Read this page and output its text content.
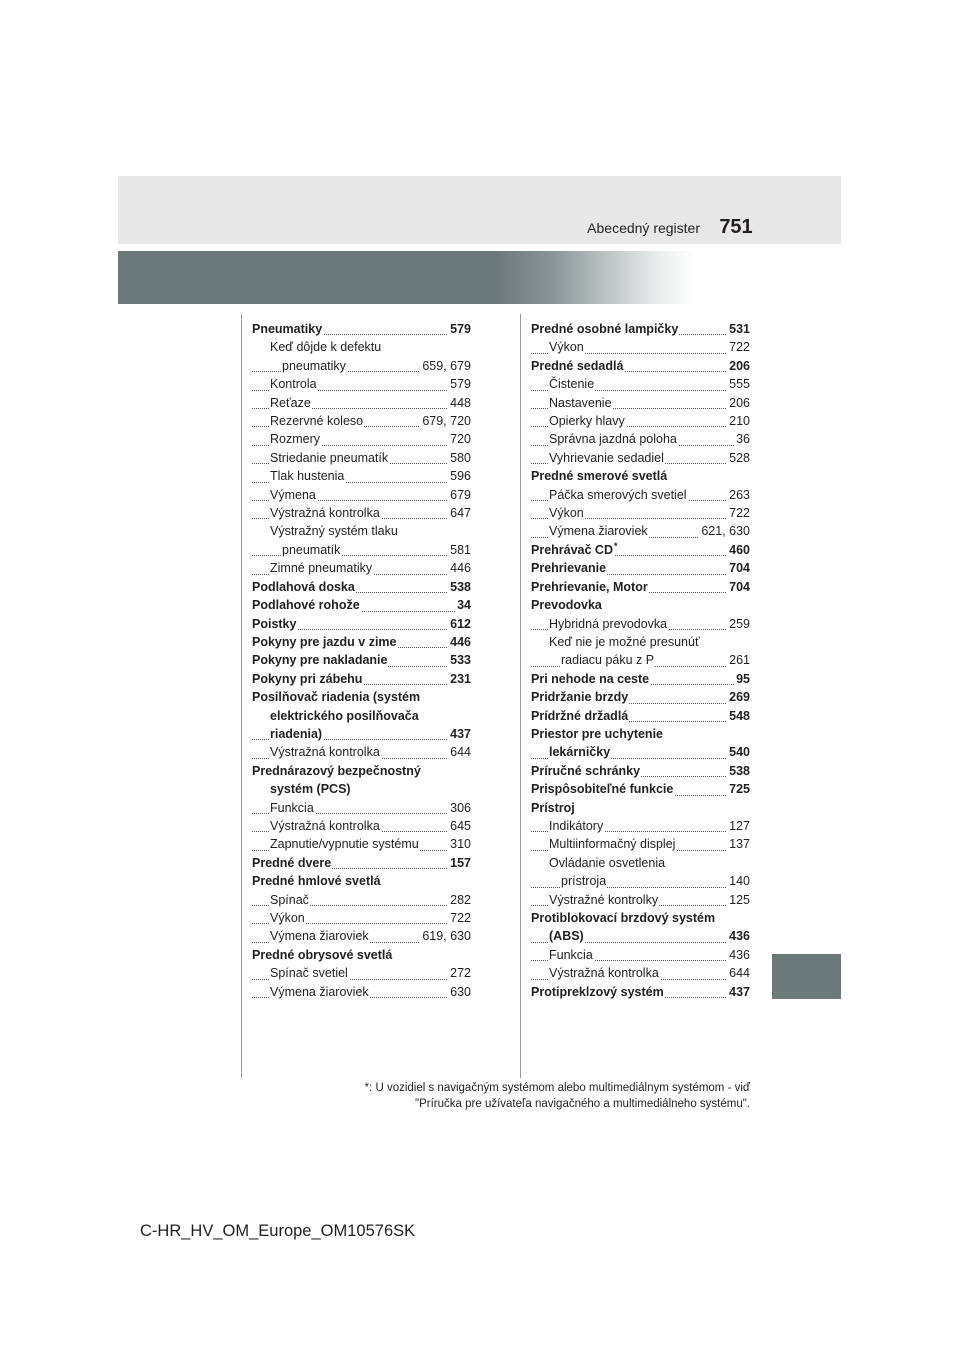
Abecedný register 751
Pneumatiky	579
Keď dôjde k defektu
pneumatiky	659, 679
Kontrola	579
Reťaze	448
Rezervné koleso	679, 720
Rozmery	720
Striedanie pneumatík	580
Tlak hustenia	596
Výmena	679
Výstražná kontrolka	647
Výstražný systém tlaku
pneumatík	581
Zimné pneumatiky	446
Podlahová doska	538
Podlahové rohože	34
Poistky	612
Pokyny pre jazdu v zime	446
Pokyny pre nakladanie	533
Pokyny pri zábehu	231
Posilňovač riadenia (systém
elektrického posilňovača
riadenia)	437
Výstražná kontrolka	644
Prednárazový bezpečnostný
systém (PCS)
Funkcia	306
Výstražná kontrolka	645
Zapnutie/vypnutie systému	310
Predné dvere	157
Predné hmlové svetlá
Spínač	282
Výkon	722
Výmena žiaroviek	619, 630
Predné obrysové svetlá
Spínač svetiel	272
Výmena žiaroviek	630
Predné osobné lampičky	531
Výkon	722
Predné sedadlá	206
Čistenie	555
Nastavenie	206
Opierky hlavy	210
Správna jazdná poloha	36
Vyhrievanie sedadiel	528
Predné smerové svetlá
Páčka smerových svetiel	263
Výkon	722
Výmena žiaroviek	621, 630
Prehrávač CD*	460
Prehrievanie	704
Prehrievanie, Motor	704
Prevodovka
Hybridná prevodovka	259
Keď nie je možné presunúť
radiacu páku z P	261
Pri nehode na ceste	95
Pridržanie brzdy	269
Prídržné držadlá	548
Priestor pre uchytenie
lekárničky	540
Príručné schránky	538
Prispôsobiteľné funkcie	725
Prístroj
Indikátory	127
Multiinformačný displej	137
Ovládanie osvetlenia
prístroja	140
Výstražné kontrolky	125
Protiblokovací brzdový systém
(ABS)	436
Funkcia	436
Výstražná kontrolka	644
Protipreklzový systém	437
*: U vozidiel s navigačným systémom alebo multimediálnym systémom - viď
"Príručka pre užívateľa navigačného a multimediálneho systému".
C-HR_HV_OM_Europe_OM10576SK
